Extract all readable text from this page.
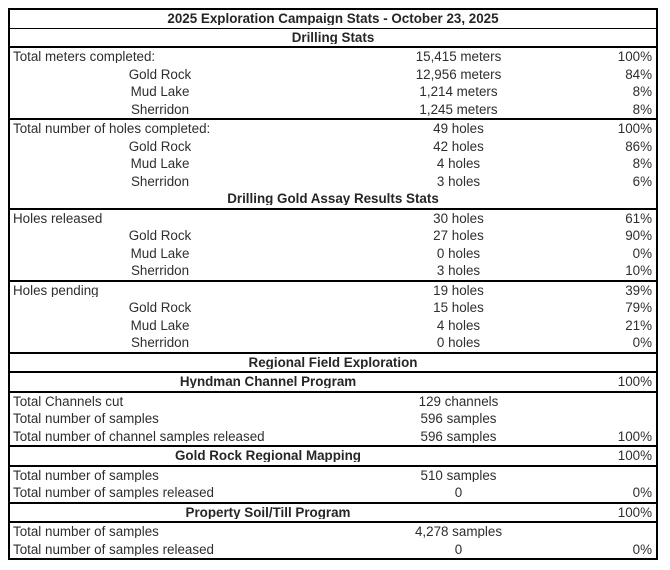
2025 Exploration Campaign Stats - October 23, 2025
Drilling Stats
Total meters completed:	15,415 meters	100%
Gold Rock	12,956 meters	84%
Mud Lake	1,214 meters	8%
Sherridon	1,245 meters	8%
Total number of holes completed:	49 holes	100%
Gold Rock	42 holes	86%
Mud Lake	4 holes	8%
Sherridon	3 holes	6%
Drilling Gold Assay Results Stats
Holes released	30 holes	61%
Gold Rock	27 holes	90%
Mud Lake	0 holes	0%
Sherridon	3 holes	10%
Holes pending	19 holes	39%
Gold Rock	15 holes	79%
Mud Lake	4 holes	21%
Sherridon	0 holes	0%
Regional Field Exploration
Hyndman Channel Program	100%
Total Channels cut	129 channels
Total number of samples	596 samples
Total number of channel samples released	596 samples	100%
Gold Rock Regional Mapping	100%
Total number of samples	510 samples
Total number of samples released	0	0%
Property Soil/Till Program	100%
Total number of samples	4,278 samples
Total number of samples released	0	0%
